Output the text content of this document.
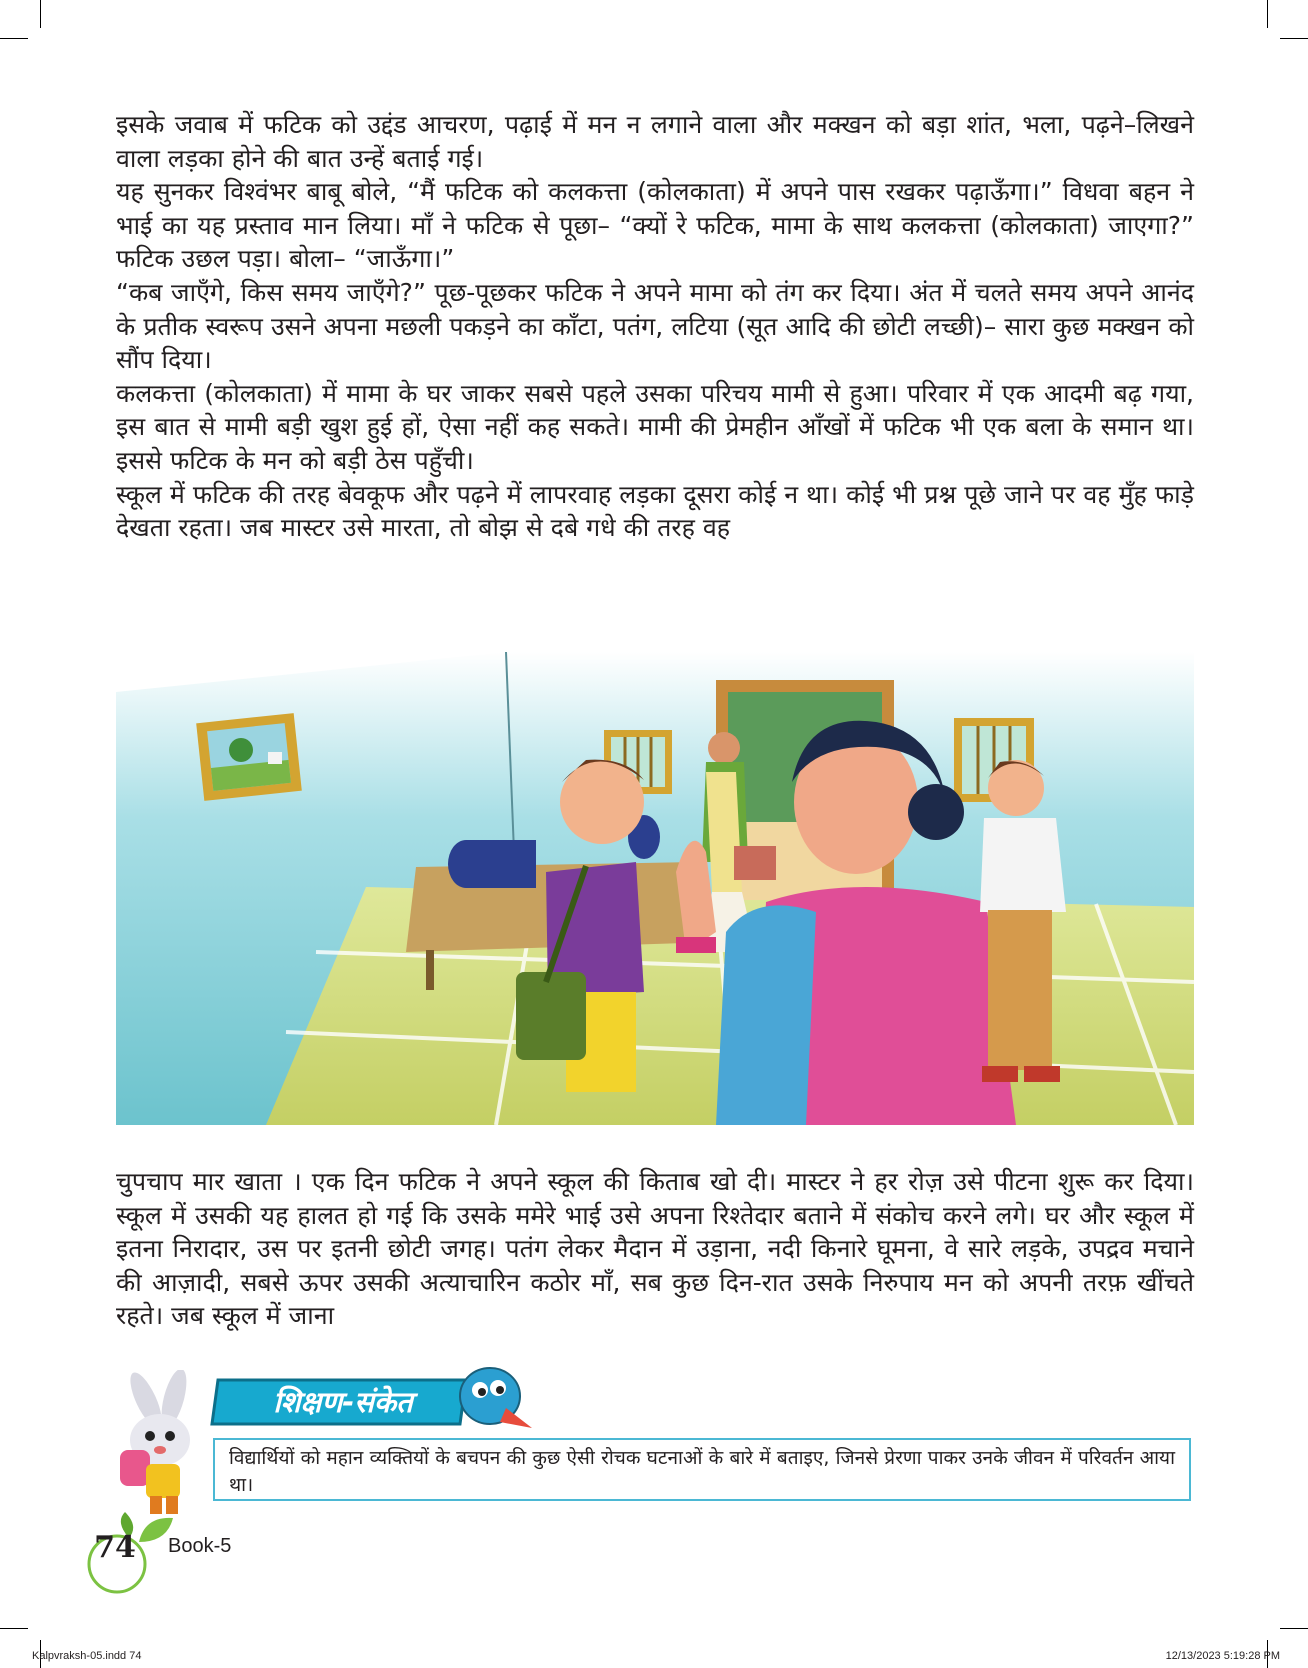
इसके जवाब में फटिक को उद्दंड आचरण, पढ़ाई में मन न लगाने वाला और मक्खन को बड़ा शांत, भला, पढ़ने–लिखने वाला लड़का होने की बात उन्हें बताई गई।

यह सुनकर विश्वंभर बाबू बोले, “मैं फटिक को कलकत्ता (कोलकाता) में अपने पास रखकर पढ़ाऊँगा।” विधवा बहन ने भाई का यह प्रस्ताव मान लिया। माँ ने फटिक से पूछा– “क्यों रे फटिक, मामा के साथ कलकत्ता (कोलकाता) जाएगा?” फटिक उछल पड़ा। बोला– “जाऊँगा।”

“कब जाएँगे, किस समय जाएँगे?” पूछ-पूछकर फटिक ने अपने मामा को तंग कर दिया। अंत में चलते समय अपने आनंद के प्रतीक स्वरूप उसने अपना मछली पकड़ने का काँटा, पतंग, लटिया (सूत आदि की छोटी लच्छी)– सारा कुछ मक्खन को सौंप दिया।

कलकत्ता (कोलकाता) में मामा के घर जाकर सबसे पहले उसका परिचय मामी से हुआ। परिवार में एक आदमी बढ़ गया, इस बात से मामी बड़ी खुश हुई हों, ऐसा नहीं कह सकते। मामी की प्रेमहीन आँखों में फटिक भी एक बला के समान था। इससे फटिक के मन को बड़ी ठेस पहुँची।

स्कूल में फटिक की तरह बेवकूफ और पढ़ने में लापरवाह लड़का दूसरा कोई न था। कोई भी प्रश्न पूछे जाने पर वह मुँह फाड़े देखता रहता। जब मास्टर उसे मारता, तो बोझ से दबे गधे की तरह वह

चुपचाप मार खाता । एक दिन फटिक ने अपने स्कूल की किताब खो दी। मास्टर ने हर रोज़ उसे पीटना शुरू कर दिया। स्कूल में उसकी यह हालत हो गई कि उसके ममेरे भाई उसे अपना रिश्तेदार बताने में संकोच करने लगे। घर और स्कूल में इतना निरादार, उस पर इतनी छोटी जगह। पतंग लेकर मैदान में उड़ाना, नदी किनारे घूमना, वे सारे लड़के, उपद्रव मचाने की आज़ादी, सबसे ऊपर उसकी अत्याचारिन कठोर माँ, सब कुछ दिन-रात उसके निरुपाय मन को अपनी तरफ़ खींचते रहते। जब स्कूल में जाना

शिक्षण-संकेत

विद्यार्थियों को महान व्यक्तियों के बचपन की कुछ ऐसी रोचक घटनाओं के बारे में बताइए, जिनसे प्रेरणा पाकर उनके जीवन में परिवर्तन आया था।

74	Book-5
Kalpvraksh-05.indd 74	12/13/2023 5:19:28 PM
